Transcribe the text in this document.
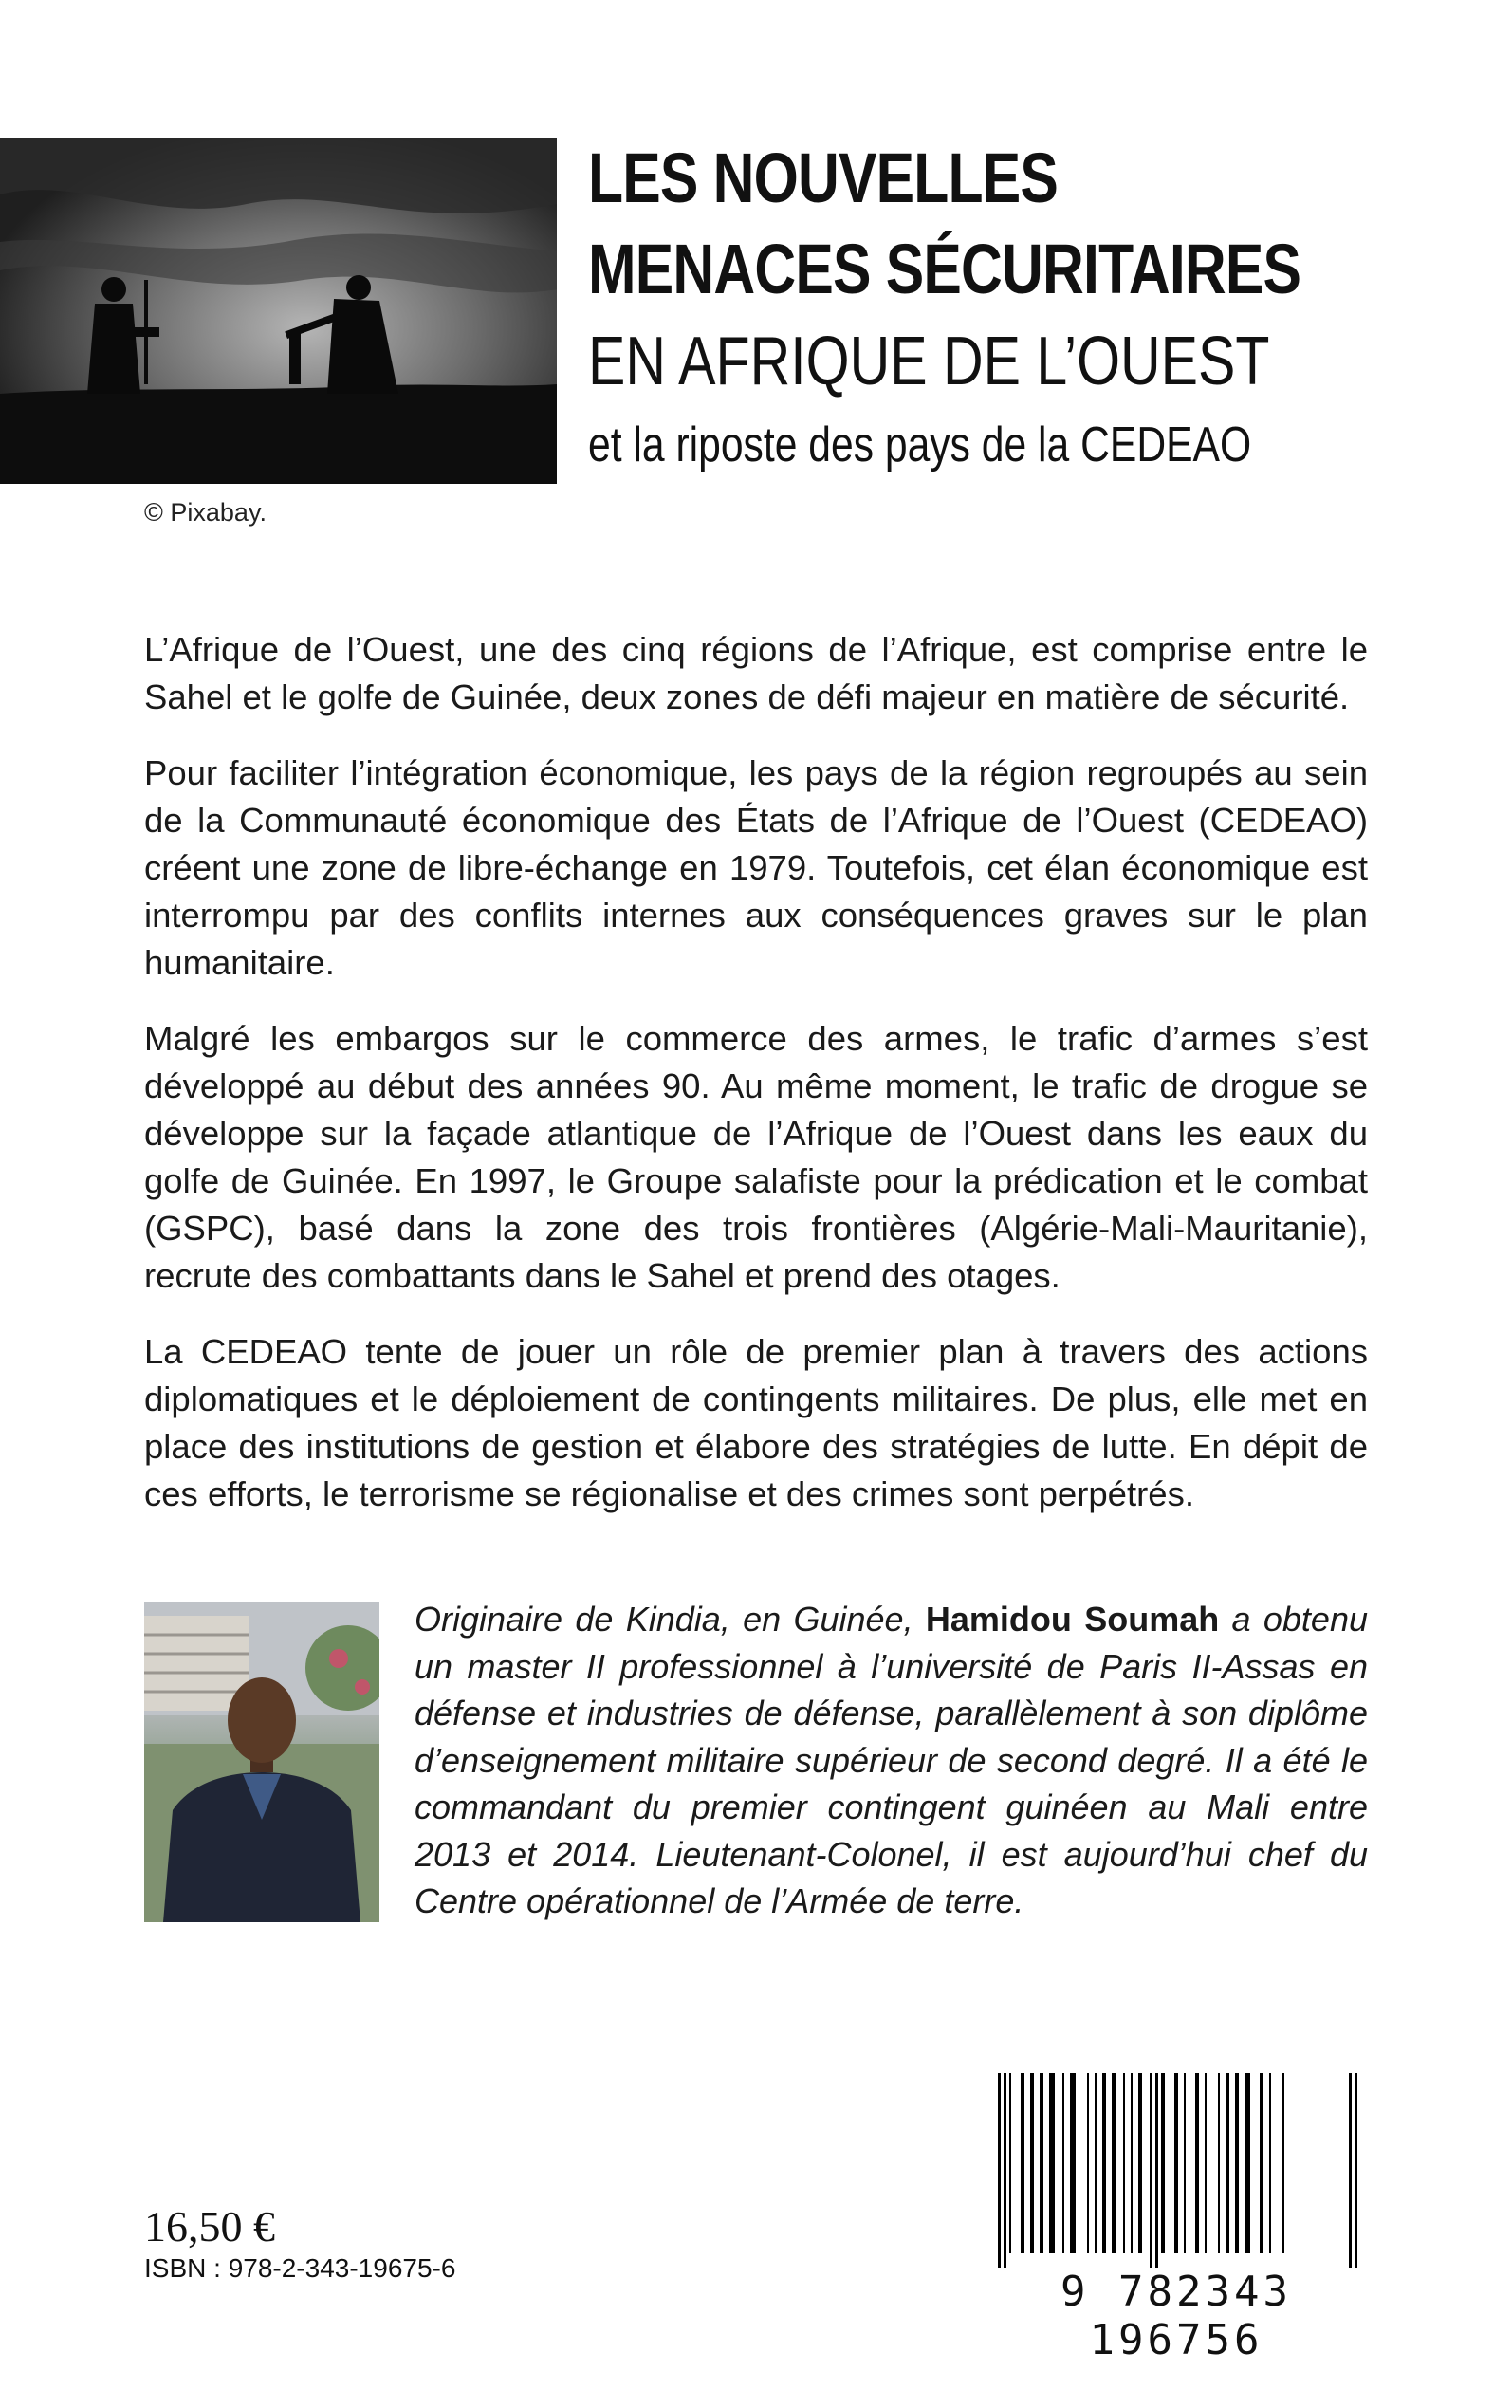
© Pixabay.
LES NOUVELLES
MENACES SÉCURITAIRES
EN AFRIQUE DE L’OUEST
et la riposte des pays de la CEDEAO

L’Afrique de l’Ouest, une des cinq régions de l’Afrique, est comprise entre le Sahel et le golfe de Guinée, deux zones de défi majeur en matière de sécurité.

Pour faciliter l’intégration économique, les pays de la région regroupés au sein de la Communauté économique des États de l’Afrique de l’Ouest (CEDEAO) créent une zone de libre-échange en 1979. Toutefois, cet élan économique est interrompu par des conflits internes aux conséquences graves sur le plan humanitaire.

Malgré les embargos sur le commerce des armes, le trafic d’armes s’est développé au début des années 90. Au même moment, le trafic de drogue se développe sur la façade atlantique de l’Afrique de l’Ouest dans les eaux du golfe de Guinée. En 1997, le Groupe salafiste pour la prédication et le combat (GSPC), basé dans la zone des trois frontières (Algérie-Mali-Mauritanie), recrute des combattants dans le Sahel et prend des otages.

La CEDEAO tente de jouer un rôle de premier plan à travers des actions diplomatiques et le déploiement de contingents militaires. De plus, elle met en place des institutions de gestion et élabore des stratégies de lutte. En dépit de ces efforts, le terrorisme se régionalise et des crimes sont perpétrés.

Originaire de Kindia, en Guinée, Hamidou Soumah a obtenu un master II professionnel à l’université de Paris II-Assas en défense et industries de défense, parallèlement à son diplôme d’enseignement militaire supérieur de second degré. Il a été le commandant du premier contingent guinéen au Mali entre 2013 et 2014. Lieutenant-Colonel, il est aujourd’hui chef du Centre opérationnel de l’Armée de terre.

16,50 €
ISBN : 978-2-343-19675-6	9 782343 196756
